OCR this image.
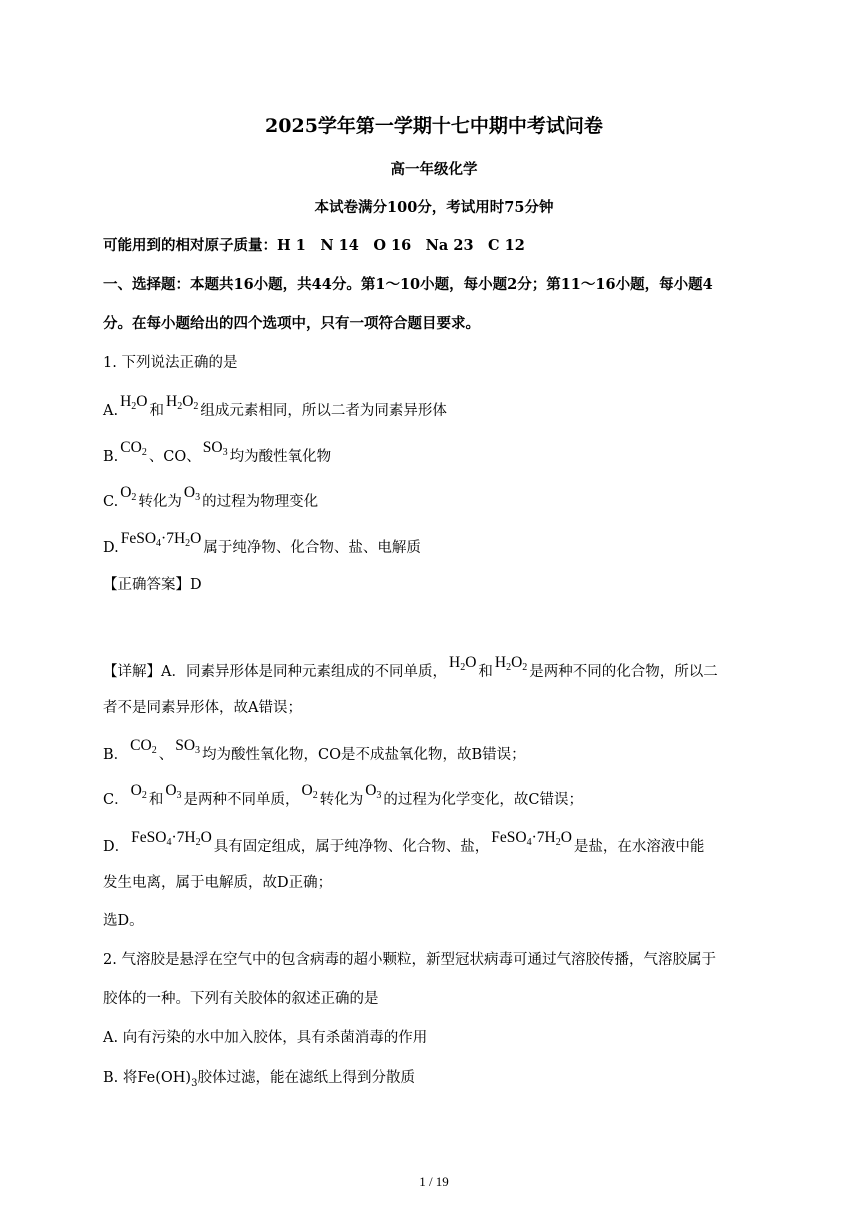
2025学年第一学期十七中期中考试问卷
高一年级化学
本试卷满分100分，考试用时75分钟
可能用到的相对原子质量：H 1　N 14　O 16　Na 23　C 12
一、选择题：本题共16小题，共44分。第1～10小题，每小题2分；第11～16小题，每小题4
分。在每小题给出的四个选项中，只有一项符合题目要求。
1. 下列说法正确的是
$A.H_2O$和$H_2O_2$ 组成元素相同，所以二者为同素异形体
$B.CO_2$ 、CO、$SO_3$ 均为酸性氧化物
$C.O_2$ 转化为$O_3$ 的过程为物理变化
$D.FeSO_4\cdot 7H_2O$属于纯净物、化合物、盐、电解质
【正确答案】D
【详解】A．同素异形体是同种元素组成的不同单质，$H_2O$和$H_2O_2$ 是两种不同的化合物，所以二
者不是同素异形体，故A错误；
B．$CO_2$ 、$SO_3$ 均为酸性氧化物，CO是不成盐氧化物，故B错误；
C．$O_2$ 和$O_3$ 是两种不同单质，$O_2$ 转化为$O_3$ 的过程为化学变化，故C错误；
D．$FeSO_4\cdot 7H_2O$具有固定组成，属于纯净物、化合物、盐，$FeSO_4\cdot 7H_2O$是盐，在水溶液中能
发生电离，属于电解质，故D正确；
选D。
2. 气溶胶是悬浮在空气中的包含病毒的超小颗粒，新型冠状病毒可通过气溶胶传播，气溶胶属于
胶体的一种。下列有关胶体的叙述正确的是
A. 向有污染的水中加入胶体，具有杀菌消毒的作用
B. 将$Fe(OH)_3$胶体过滤，能在滤纸上得到分散质
1 / 19
